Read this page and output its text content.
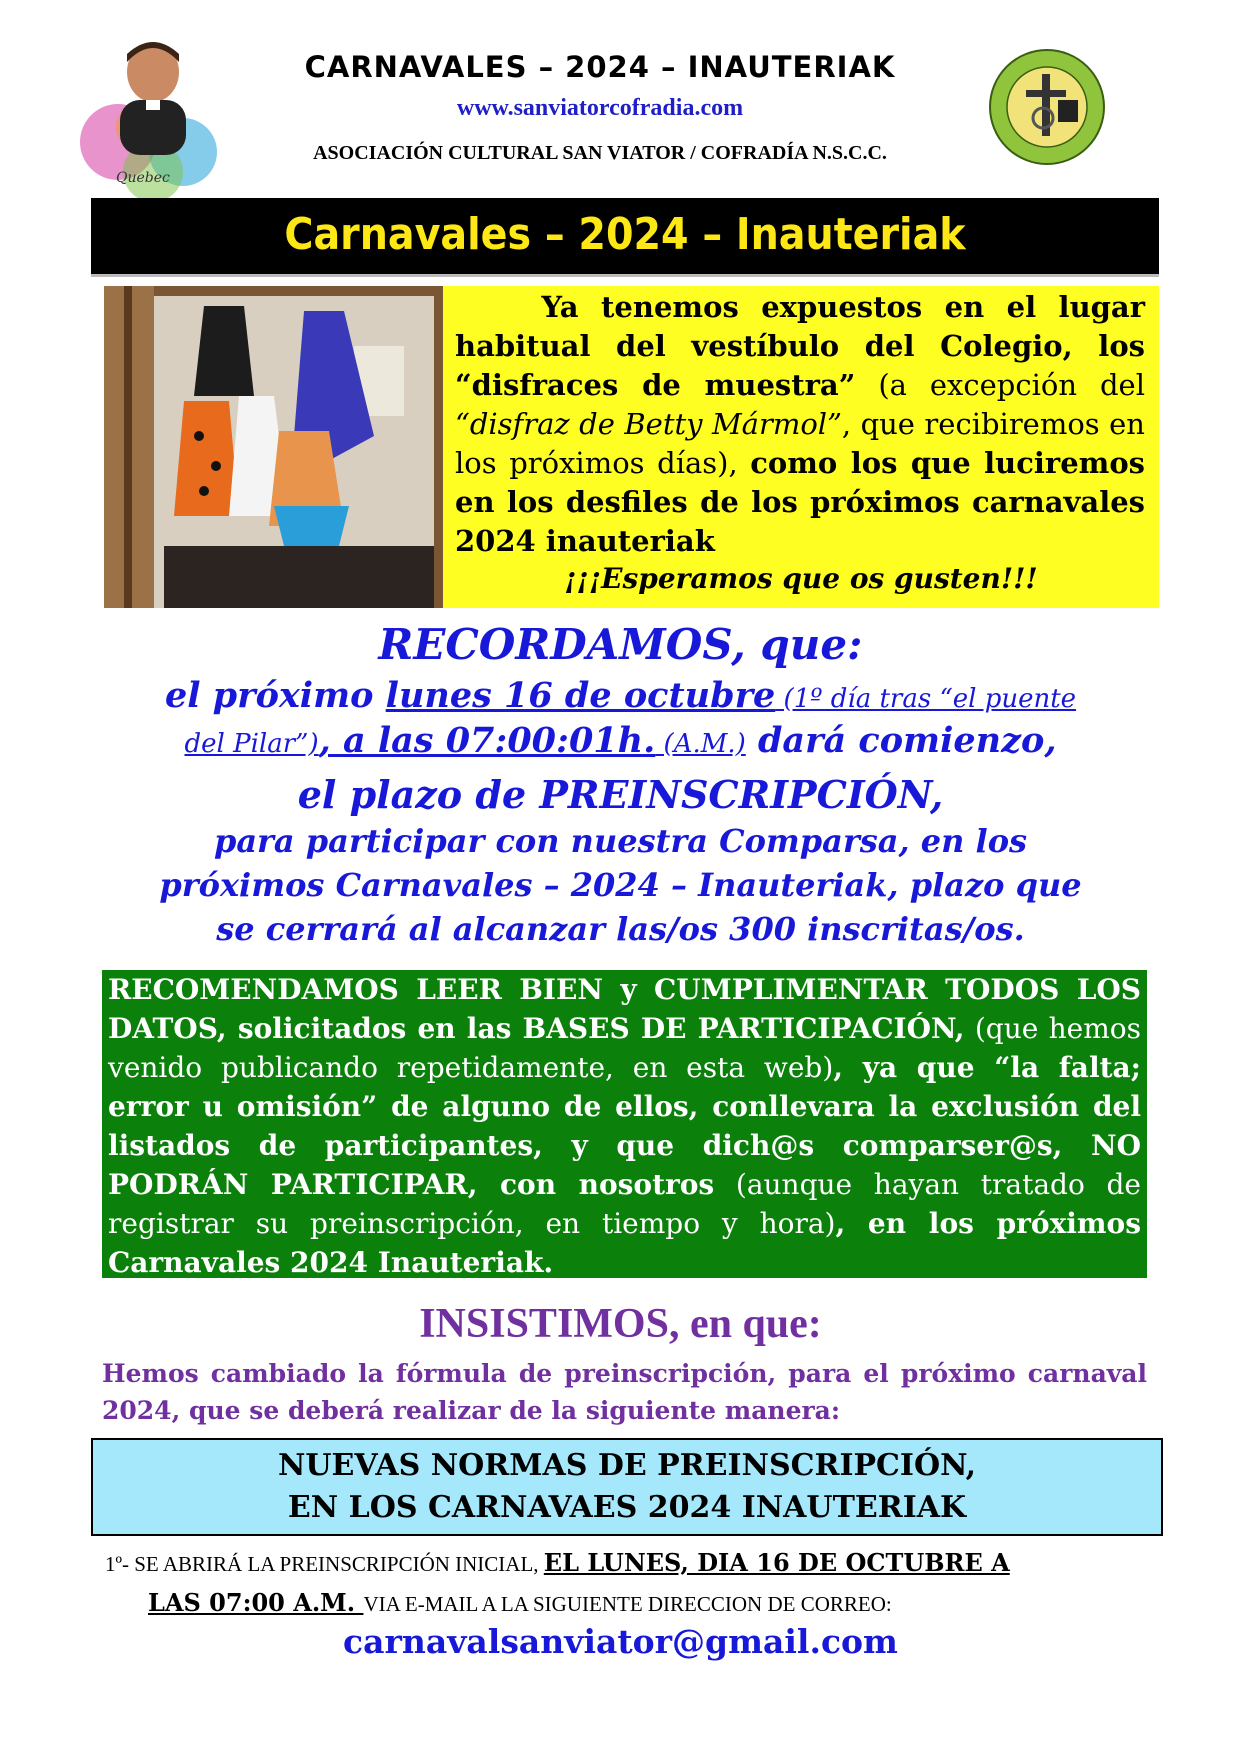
Quebec
CARNAVALES – 2024 – INAUTERIAK
www.sanviatorcofradia.com
ASOCIACIÓN CULTURAL SAN VIATOR / COFRADÍA N.S.C.C.
Carnavales – 2024 – Inauteriak
Ya tenemos expuestos en el lugar habitual del vestíbulo del Colegio, los “disfraces de muestra” (a excepción del “disfraz de Betty Mármol”, que recibiremos en los próximos días), como los que luciremos en los desfiles de los próximos carnavales 2024 inauteriak
¡¡¡Esperamos que os gusten!!!
RECORDAMOS, que:
el próximo lunes 16 de octubre (1º día tras “el puente
del Pilar”), a las 07:00:01h. (A.M.) dará comienzo,
el plazo de PREINSCRIPCIÓN,
para participar con nuestra Comparsa, en los
próximos Carnavales – 2024 – Inauteriak, plazo que
se cerrará al alcanzar las/os 300 inscritas/os.
RECOMENDAMOS LEER BIEN y CUMPLIMENTAR TODOS LOS DATOS, solicitados en las BASES DE PARTICIPACIÓN, (que hemos venido publicando repetidamente, en esta web), ya que “la falta; error u omisión” de alguno de ellos, conllevara la exclusión del listados de participantes, y que dich@s comparser@s, NO PODRÁN PARTICIPAR, con nosotros (aunque hayan tratado de registrar su preinscripción, en tiempo y hora), en los próximos Carnavales 2024 Inauteriak.
INSISTIMOS, en que:
Hemos cambiado la fórmula de preinscripción, para el próximo carnaval 2024, que se deberá realizar de la siguiente manera:
NUEVAS NORMAS DE PREINSCRIPCIÓN,
EN LOS CARNAVAES 2024 INAUTERIAK
1º- SE ABRIRÁ LA PREINSCRIPCIÓN INICIAL, EL LUNES, DIA 16 DE OCTUBRE A
LAS 07:00 A.M. VIA E-MAIL A LA SIGUIENTE DIRECCION DE CORREO:
carnavalsanviator@gmail.com
